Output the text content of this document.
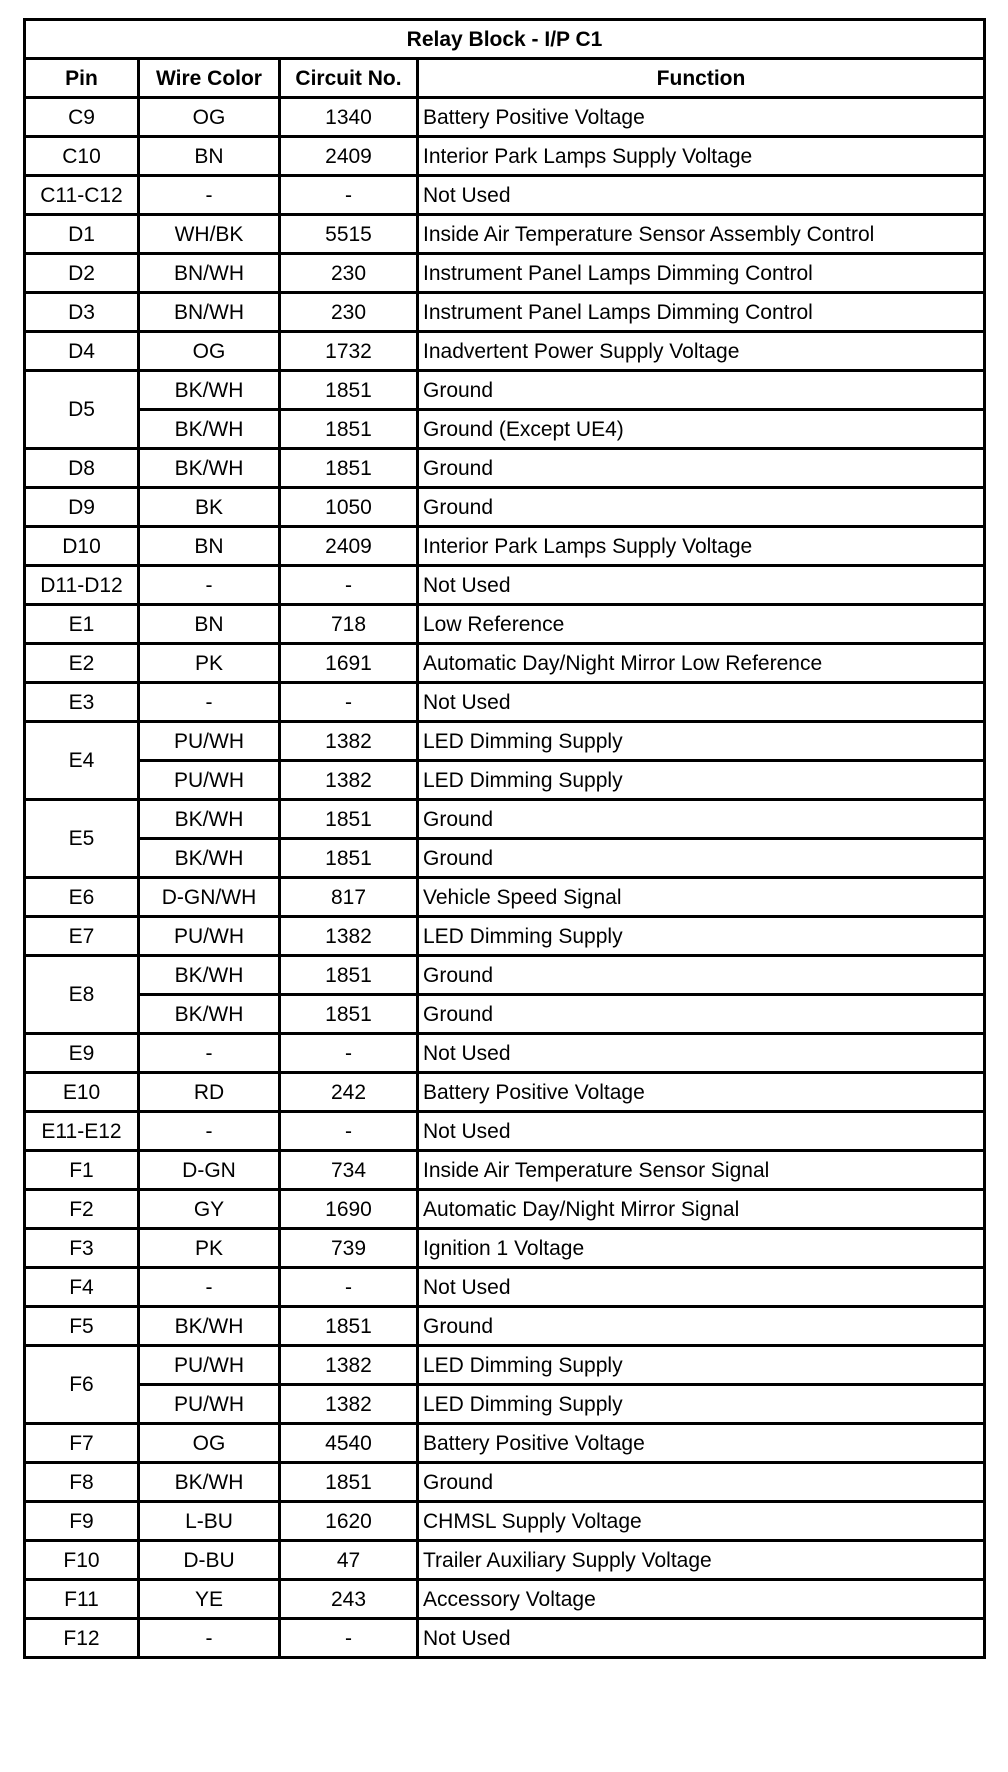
Relay Block - I/P C1			
Pin	Wire Color	Circuit No.	Function
C9	OG	1340	Battery Positive Voltage
C10	BN	2409	Interior Park Lamps Supply Voltage
C11-C12	-	-	Not Used
D1	WH/BK	5515	Inside Air Temperature Sensor Assembly Control
D2	BN/WH	230	Instrument Panel Lamps Dimming Control
D3	BN/WH	230	Instrument Panel Lamps Dimming Control
D4	OG	1732	Inadvertent Power Supply Voltage
D5	BK/WH	1851	Ground
	BK/WH	1851	Ground (Except UE4)
D8	BK/WH	1851	Ground
D9	BK	1050	Ground
D10	BN	2409	Interior Park Lamps Supply Voltage
D11-D12	-	-	Not Used
E1	BN	718	Low Reference
E2	PK	1691	Automatic Day/Night Mirror Low Reference
E3	-	-	Not Used
E4	PU/WH	1382	LED Dimming Supply
	PU/WH	1382	LED Dimming Supply
E5	BK/WH	1851	Ground
	BK/WH	1851	Ground
E6	D-GN/WH	817	Vehicle Speed Signal
E7	PU/WH	1382	LED Dimming Supply
E8	BK/WH	1851	Ground
	BK/WH	1851	Ground
E9	-	-	Not Used
E10	RD	242	Battery Positive Voltage
E11-E12	-	-	Not Used
F1	D-GN	734	Inside Air Temperature Sensor Signal
F2	GY	1690	Automatic Day/Night Mirror Signal
F3	PK	739	Ignition 1 Voltage
F4	-	-	Not Used
F5	BK/WH	1851	Ground
F6	PU/WH	1382	LED Dimming Supply
	PU/WH	1382	LED Dimming Supply
F7	OG	4540	Battery Positive Voltage
F8	BK/WH	1851	Ground
F9	L-BU	1620	CHMSL Supply Voltage
F10	D-BU	47	Trailer Auxiliary Supply Voltage
F11	YE	243	Accessory Voltage
F12	-	-	Not Used
